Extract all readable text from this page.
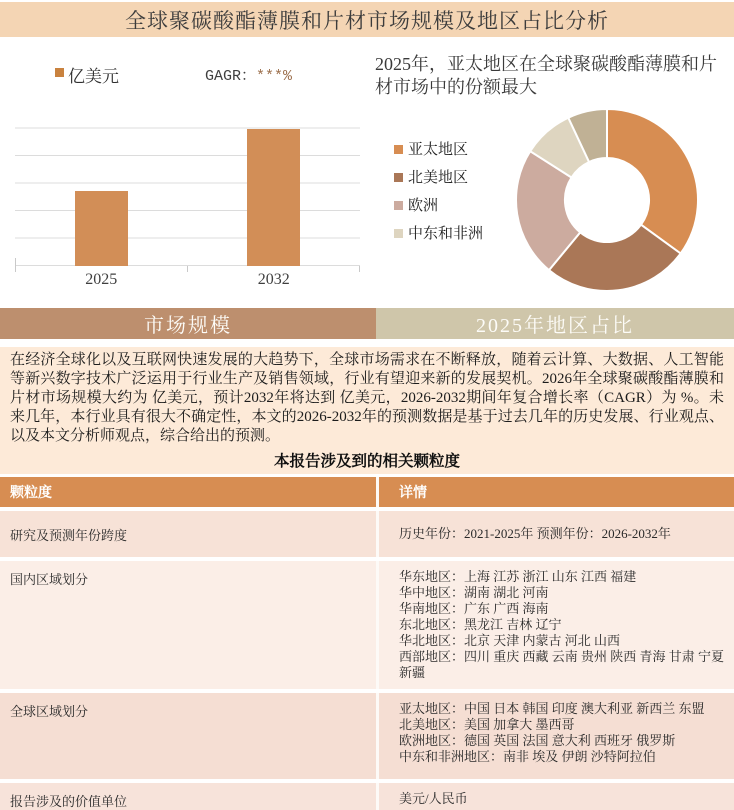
全球聚碳酸酯薄膜和片材市场规模及地区占比分析
亿美元	GAGR：***%
2025	2032
2025年，亚太地区在全球聚碳酸酯薄膜和片材市场中的份额最大
亚太地区
北美地区
欧洲
中东和非洲
市场规模	2025年地区占比

在经济全球化以及互联网快速发展的大趋势下，全球市场需求在不断释放，随着云计算、大数据、人工智能等新兴数字技术广泛运用于行业生产及销售领域，行业有望迎来新的发展契机。2026年全球聚碳酸酯薄膜和片材市场规模大约为 亿美元，预计2032年将达到 亿美元，2026-2032期间年复合增长率（CAGR）为 %。未来几年，本行业具有很大不确定性，本文的2026-2032年的预测数据是基于过去几年的历史发展、行业观点、以及本文分析师观点，综合给出的预测。

本报告涉及到的相关颗粒度
颗粒度	详情
研究及预测年份跨度	历史年份：2021-2025年 预测年份：2026-2032年
国内区域划分	华东地区：上海 江苏 浙江 山东 江西 福建
华中地区：湖南 湖北 河南
华南地区：广东 广西 海南
东北地区：黑龙江 吉林 辽宁
华北地区：北京 天津 内蒙古 河北 山西
西部地区：四川 重庆 西藏 云南 贵州 陕西 青海 甘肃 宁夏 新疆
全球区域划分	亚太地区：中国 日本 韩国 印度 澳大利亚 新西兰 东盟
北美地区：美国 加拿大 墨西哥
欧洲地区：德国 英国 法国 意大利 西班牙 俄罗斯
中东和非洲地区：南非 埃及 伊朗 沙特阿拉伯
报告涉及的价值单位	美元/人民币
